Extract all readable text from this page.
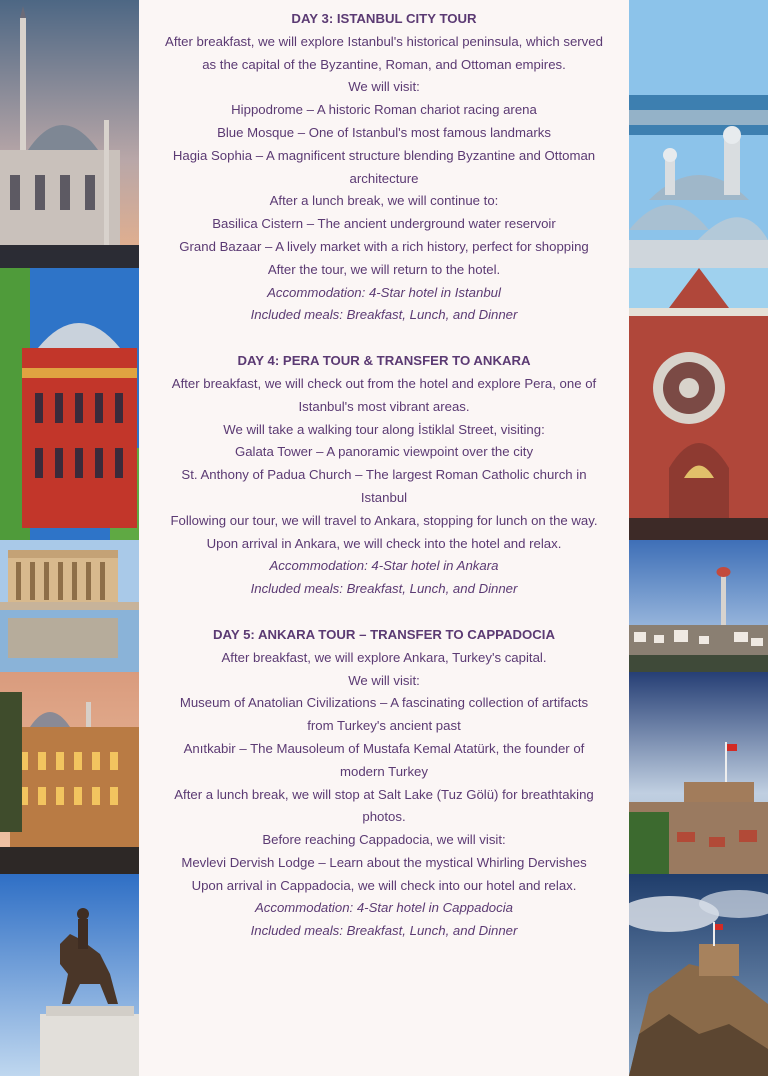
DAY 3: ISTANBUL CITY TOUR
After breakfast, we will explore Istanbul's historical peninsula, which served
as the capital of the Byzantine, Roman, and Ottoman empires.
We will visit:
Hippodrome – A historic Roman chariot racing arena
Blue Mosque – One of Istanbul's most famous landmarks
Hagia Sophia – A magnificent structure blending Byzantine and Ottoman
architecture
After a lunch break, we will continue to:
Basilica Cistern – The ancient underground water reservoir
Grand Bazaar – A lively market with a rich history, perfect for shopping
After the tour, we will return to the hotel.
Accommodation: 4-Star hotel in Istanbul
Included meals: Breakfast, Lunch, and Dinner
DAY 4: PERA TOUR & TRANSFER TO ANKARA
After breakfast, we will check out from the hotel and explore Pera, one of
Istanbul's most vibrant areas.
We will take a walking tour along İstiklal Street, visiting:
Galata Tower – A panoramic viewpoint over the city
St. Anthony of Padua Church – The largest Roman Catholic church in
Istanbul
Following our tour, we will travel to Ankara, stopping for lunch on the way.
Upon arrival in Ankara, we will check into the hotel and relax.
Accommodation: 4-Star hotel in Ankara
Included meals: Breakfast, Lunch, and Dinner
DAY 5: ANKARA TOUR – TRANSFER TO CAPPADOCIA
After breakfast, we will explore Ankara, Turkey's capital.
We will visit:
Museum of Anatolian Civilizations – A fascinating collection of artifacts
from Turkey's ancient past
Anıtkabir – The Mausoleum of Mustafa Kemal Atatürk, the founder of
modern Turkey
After a lunch break, we will stop at Salt Lake (Tuz Gölü) for breathtaking
photos.
Before reaching Cappadocia, we will visit:
Mevlevi Dervish Lodge – Learn about the mystical Whirling Dervishes
Upon arrival in Cappadocia, we will check into our hotel and relax.
Accommodation: 4-Star hotel in Cappadocia
Included meals: Breakfast, Lunch, and Dinner
